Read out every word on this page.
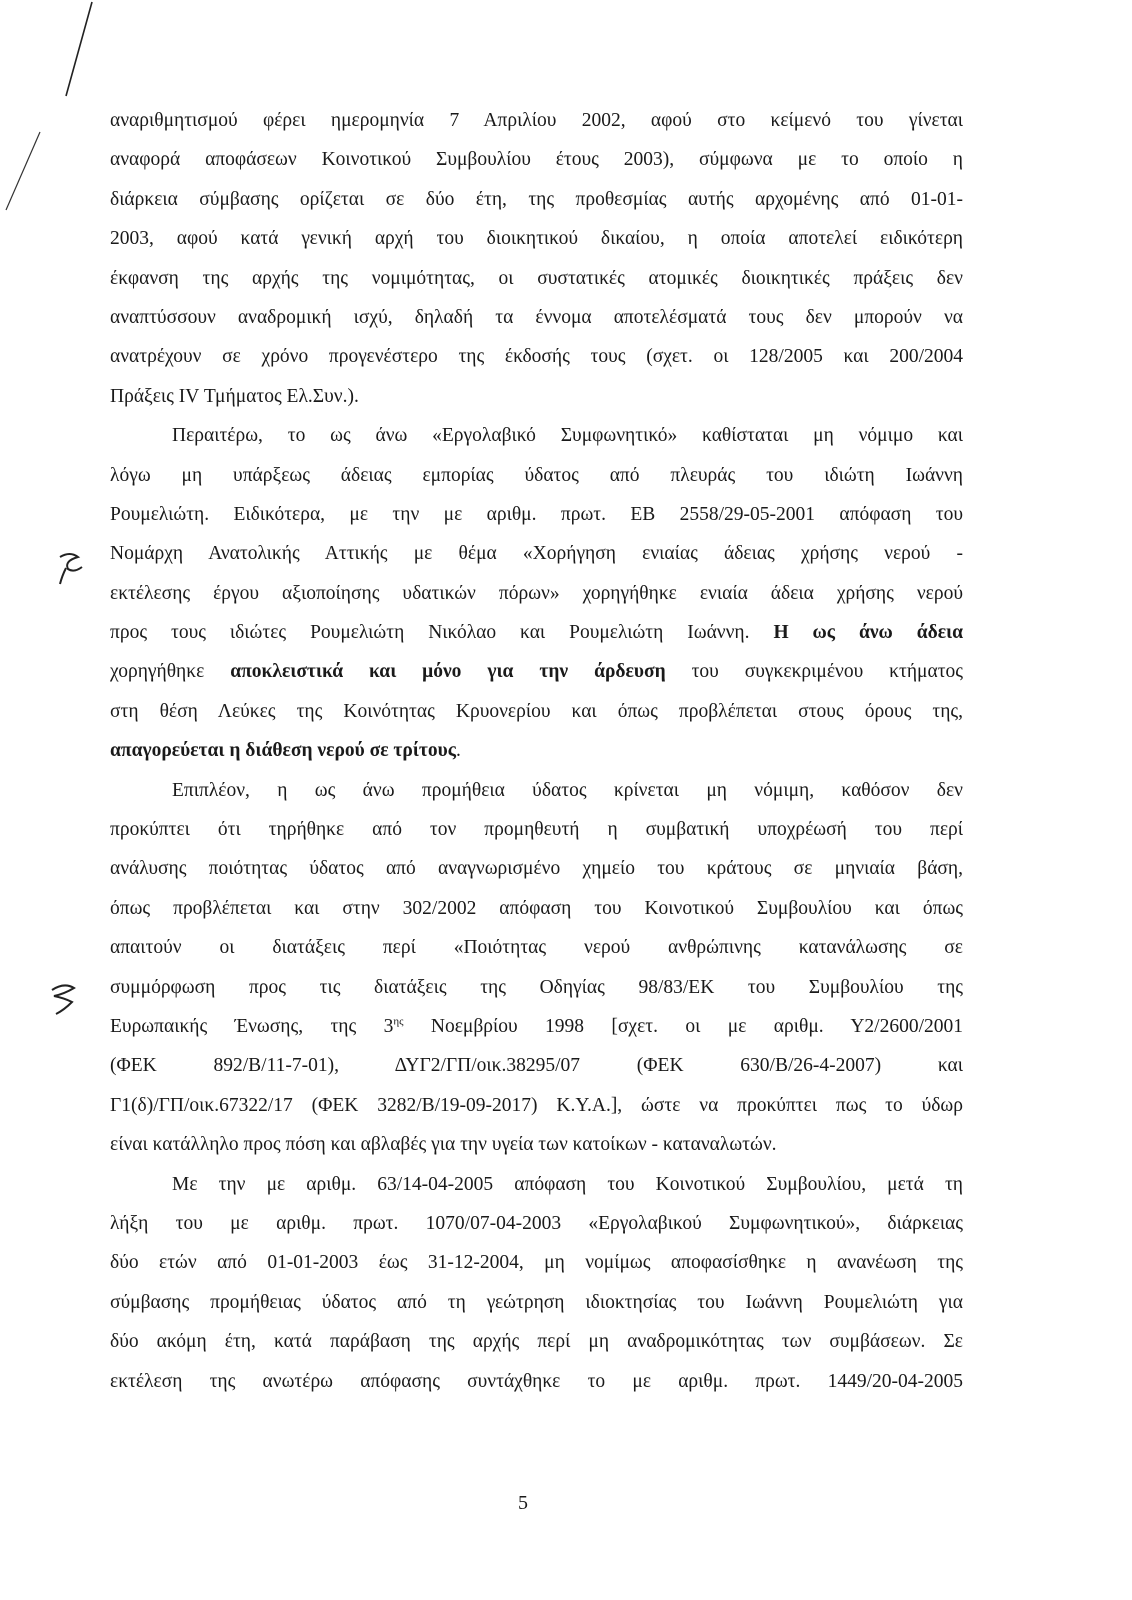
αναριθμητισμού φέρει ημερομηνία 7 Απριλίου 2002, αφού στο κείμενό του γίνεται
αναφορά αποφάσεων Κοινοτικού Συμβουλίου έτους 2003), σύμφωνα με το οποίο η
διάρκεια σύμβασης ορίζεται σε δύο έτη, της προθεσμίας αυτής αρχομένης από 01-01-
2003, αφού κατά γενική αρχή του διοικητικού δικαίου, η οποία αποτελεί ειδικότερη
έκφανση της αρχής της νομιμότητας, οι συστατικές ατομικές διοικητικές πράξεις δεν
αναπτύσσουν αναδρομική ισχύ, δηλαδή τα έννομα αποτελέσματά τους δεν μπορούν να
ανατρέχουν σε χρόνο προγενέστερο της έκδοσής τους (σχετ. οι 128/2005 και 200/2004
Πράξεις IV Τμήματος Ελ.Συν.).
Περαιτέρω, το ως άνω «Εργολαβικό Συμφωνητικό» καθίσταται μη νόμιμο και
λόγω μη υπάρξεως άδειας εμπορίας ύδατος από πλευράς του ιδιώτη Ιωάννη
Ρουμελιώτη. Ειδικότερα, με την με αριθμ. πρωτ. ΕΒ 2558/29-05-2001 απόφαση του
Νομάρχη Ανατολικής Αττικής με θέμα «Χορήγηση ενιαίας άδειας χρήσης νερού -
εκτέλεσης έργου αξιοποίησης υδατικών πόρων» χορηγήθηκε ενιαία άδεια χρήσης νερού
προς τους ιδιώτες Ρουμελιώτη Νικόλαο και Ρουμελιώτη Ιωάννη. Η ως άνω άδεια
χορηγήθηκε αποκλειστικά και μόνο για την άρδευση του συγκεκριμένου κτήματος
στη θέση Λεύκες της Κοινότητας Κρυονερίου και όπως προβλέπεται στους όρους της,
απαγορεύεται η διάθεση νερού σε τρίτους.
Επιπλέον, η ως άνω προμήθεια ύδατος κρίνεται μη νόμιμη, καθόσον δεν
προκύπτει ότι τηρήθηκε από τον προμηθευτή η συμβατική υποχρέωσή του περί
ανάλυσης ποιότητας ύδατος από αναγνωρισμένο χημείο του κράτους σε μηνιαία βάση,
όπως προβλέπεται και στην 302/2002 απόφαση του Κοινοτικού Συμβουλίου και όπως
απαιτούν οι διατάξεις περί «Ποιότητας νερού ανθρώπινης κατανάλωσης σε
συμμόρφωση προς τις διατάξεις της Οδηγίας 98/83/ΕΚ του Συμβουλίου της
Ευρωπαικής Ένωσης, της $3^{\eta\varsigma}$ Νοεμβρίου 1998 [σχετ. οι με αριθμ. Υ2/2600/2001
(ΦΕΚ 892/Β/11-7-01), ΔΥΓ2/ΓΠ/οικ.38295/07 (ΦΕΚ 630/Β/26-4-2007) και
Γ1(δ)/ΓΠ/οικ.67322/17 (ΦΕΚ 3282/Β/19-09-2017) Κ.Υ.Α.], ώστε να προκύπτει πως το ύδωρ
είναι κατάλληλο προς πόση και αβλαβές για την υγεία των κατοίκων - καταναλωτών.
Με την με αριθμ. 63/14-04-2005 απόφαση του Κοινοτικού Συμβουλίου, μετά τη
λήξη του με αριθμ. πρωτ. 1070/07-04-2003 «Εργολαβικού Συμφωνητικού», διάρκειας
δύο ετών από 01-01-2003 έως 31-12-2004, μη νομίμως αποφασίσθηκε η ανανέωση της
σύμβασης προμήθειας ύδατος από τη γεώτρηση ιδιοκτησίας του Ιωάννη Ρουμελιώτη για
δύο ακόμη έτη, κατά παράβαση της αρχής περί μη αναδρομικότητας των συμβάσεων. Σε
εκτέλεση της ανωτέρω απόφασης συντάχθηκε το με αριθμ. πρωτ. 1449/20-04-2005
5
